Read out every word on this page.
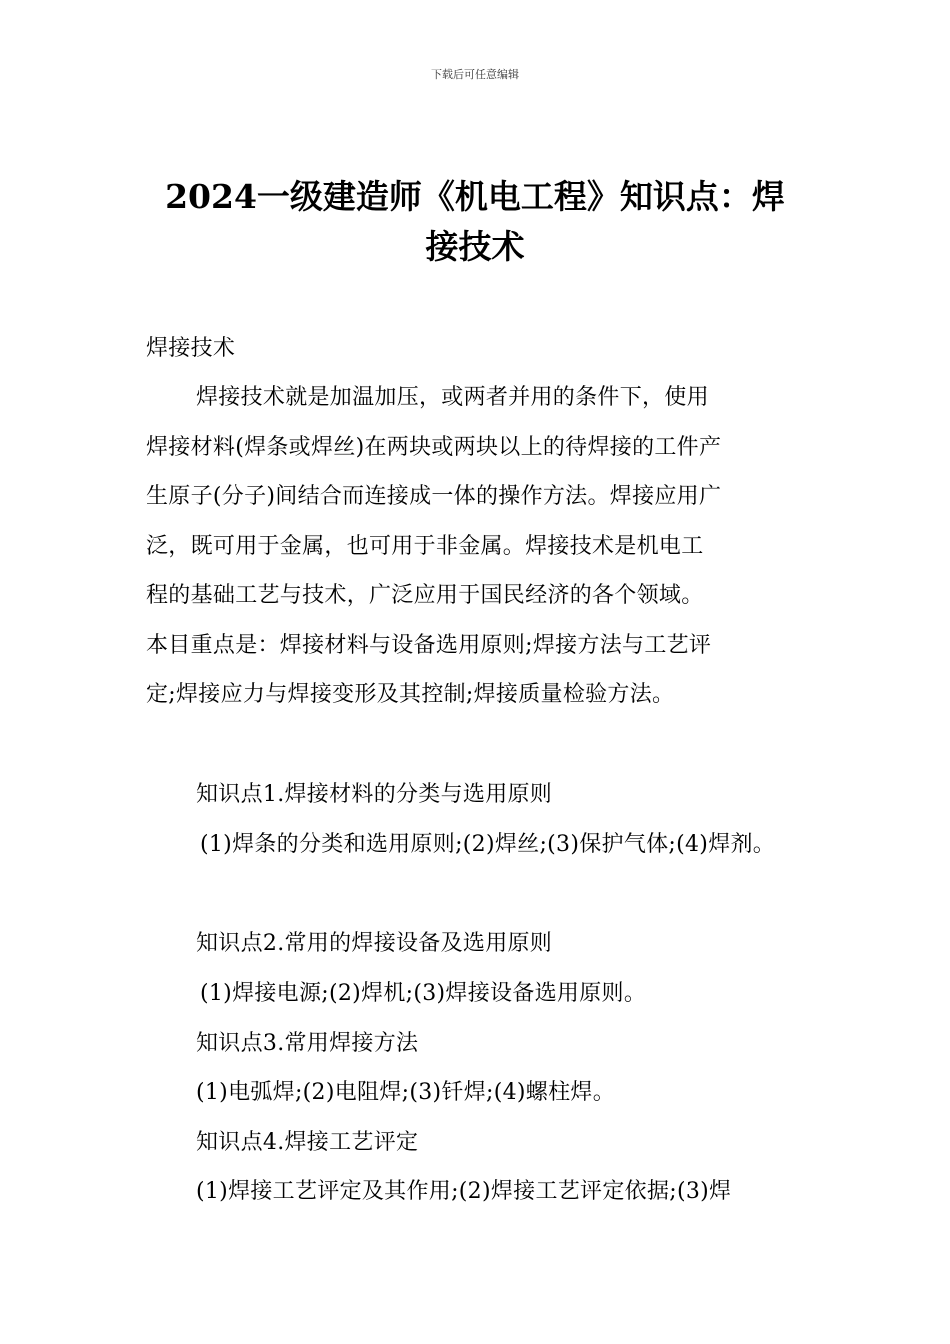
下载后可任意编辑
2024一级建造师《机电工程》知识点：焊
接技术
焊接技术
焊接技术就是加温加压，或两者并用的条件下，使用
焊接材料(焊条或焊丝)在两块或两块以上的待焊接的工件产
生原子(分子)间结合而连接成一体的操作方法。焊接应用广
泛，既可用于金属，也可用于非金属。焊接技术是机电工
程的基础工艺与技术，广泛应用于国民经济的各个领域。
本目重点是：焊接材料与设备选用原则;焊接方法与工艺评
定;焊接应力与焊接变形及其控制;焊接质量检验方法。
知识点1.焊接材料的分类与选用原则
(1)焊条的分类和选用原则;(2)焊丝;(3)保护气体;(4)焊剂。
知识点2.常用的焊接设备及选用原则
(1)焊接电源;(2)焊机;(3)焊接设备选用原则。
知识点3.常用焊接方法
(1)电弧焊;(2)电阻焊;(3)钎焊;(4)螺柱焊。
知识点4.焊接工艺评定
(1)焊接工艺评定及其作用;(2)焊接工艺评定依据;(3)焊
